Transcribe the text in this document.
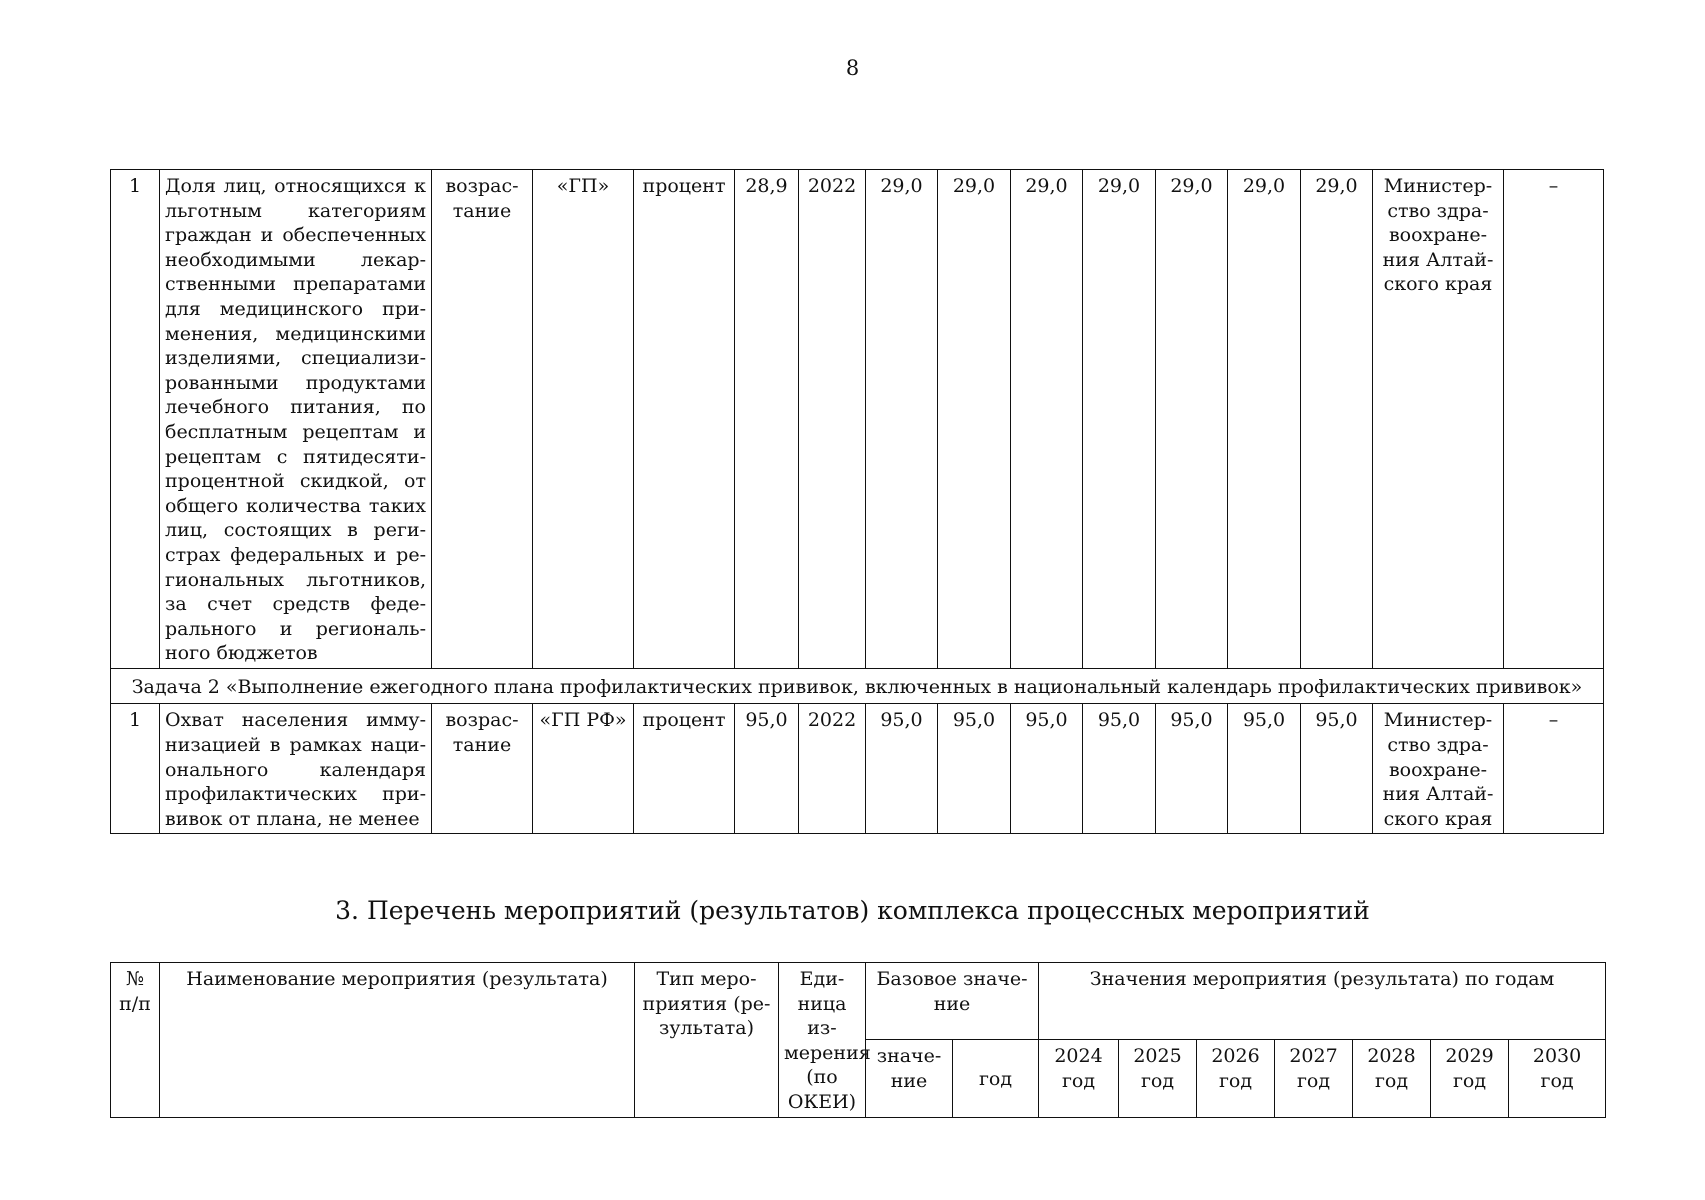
8
1	Доля лиц, относящихся к льготным категориям граждан и обеспеченных необходимыми лекарственными препаратами для медицинского применения, медицинскими изделиями, специализированными продуктами лечебного питания, по бесплатным рецептам и рецептам с пятидесятипроцентной скидкой, от общего количества таких лиц, состоящих в регистрах федеральных и региональных льготников, за счет средств федерального и регионального бюджетов	возрастание	«ГП»	процент	28,9	2022	29,0	29,0	29,0	29,0	29,0	29,0	29,0	Министерство здравоохранения Алтайского края	–
Задача 2 «Выполнение ежегодного плана профилактических прививок, включенных в национальный календарь профилактических прививок»															
1	Охват населения иммунизацией в рамках национального календаря профилактических прививок от плана, не менее	возрастание	«ГП РФ»	процент	95,0	2022	95,0	95,0	95,0	95,0	95,0	95,0	95,0	Министерство здравоохранения Алтайского края	–
3. Перечень мероприятий (результатов) комплекса процессных мероприятий
№ п/п	Наименование мероприятия (результата)	Тип мероприятия (результата)	Единица измерения (по ОКЕИ)	Базовое значение		Значения мероприятия (результата) по годам						
				значение	год	2024 год	2025 год	2026 год	2027 год	2028 год	2029 год	2030 год
